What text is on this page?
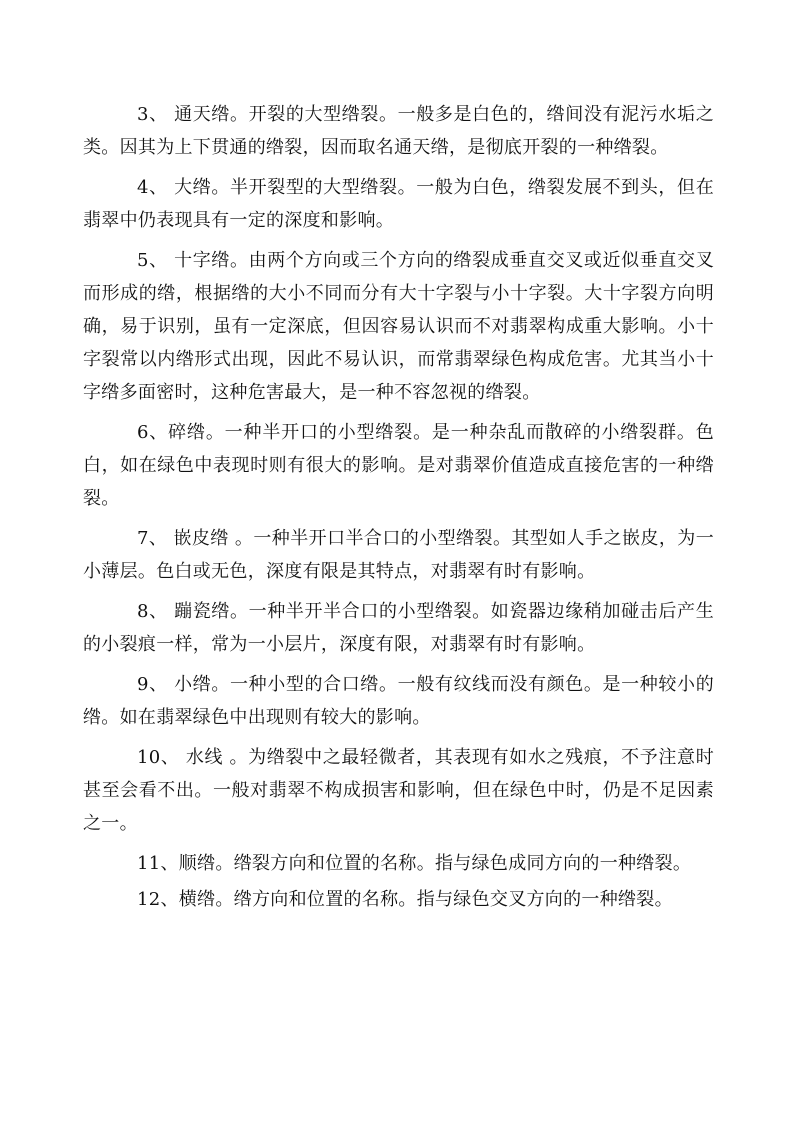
3、 通天绺。开裂的大型绺裂。一般多是白色的，绺间没有泥污水垢之类。因其为上下贯通的绺裂，因而取名通天绺，是彻底开裂的一种绺裂。

4、 大绺。半开裂型的大型绺裂。一般为白色，绺裂发展不到头，但在翡翠中仍表现具有一定的深度和影响。

5、 十字绺。由两个方向或三个方向的绺裂成垂直交叉或近似垂直交叉而形成的绺，根据绺的大小不同而分有大十字裂与小十字裂。大十字裂方向明确，易于识别，虽有一定深底，但因容易认识而不对翡翠构成重大影响。小十字裂常以内绺形式出现，因此不易认识，而常翡翠绿色构成危害。尤其当小十字绺多面密时，这种危害最大，是一种不容忽视的绺裂。

6、碎绺。一种半开口的小型绺裂。是一种杂乱而散碎的小绺裂群。色白，如在绿色中表现时则有很大的影响。是对翡翠价值造成直接危害的一种绺裂。

7、 嵌皮绺 。一种半开口半合口的小型绺裂。其型如人手之嵌皮，为一小薄层。色白或无色，深度有限是其特点，对翡翠有时有影响。

8、 蹦瓷绺。一种半开半合口的小型绺裂。如瓷器边缘稍加碰击后产生的小裂痕一样，常为一小层片，深度有限，对翡翠有时有影响。

9、 小绺。一种小型的合口绺。一般有纹线而没有颜色。是一种较小的绺。如在翡翠绿色中出现则有较大的影响。

10、 水线 。为绺裂中之最轻微者，其表现有如水之残痕，不予注意时甚至会看不出。一般对翡翠不构成损害和影响，但在绿色中时，仍是不足因素之一。

11、顺绺。绺裂方向和位置的名称。指与绿色成同方向的一种绺裂。

12、横绺。绺方向和位置的名称。指与绿色交叉方向的一种绺裂。
